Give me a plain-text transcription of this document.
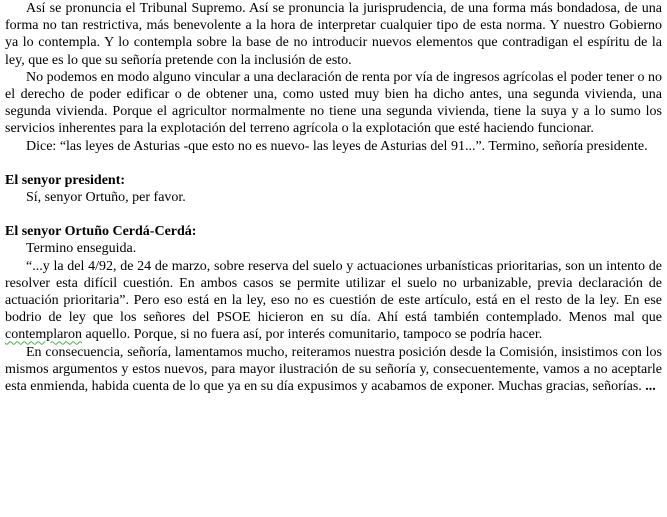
Así se pronuncia el Tribunal Supremo. Así se pronuncia la jurisprudencia, de una forma más bondadosa, de una forma no tan restrictiva, más benevolente a la hora de interpretar cualquier tipo de esta norma. Y nuestro Gobierno ya lo contempla. Y lo contempla sobre la base de no introducir nuevos elementos que contradigan el espíritu de la ley, que es lo que su señoría pretende con la inclusión de esto.

No podemos en modo alguno vincular a una declaración de renta por vía de ingresos agrícolas el poder tener o no el derecho de poder edificar o de obtener una, como usted muy bien ha dicho antes, una segunda vivienda, una segunda vivienda. Porque el agricultor normalmente no tiene una segunda vivienda, tiene la suya y a lo sumo los servicios inherentes para la explotación del terreno agrícola o la explotación que esté haciendo funcionar.

Dice: “las leyes de Asturias -que esto no es nuevo- las leyes de Asturias del 91...”. Termino, señoría presidente.

El senyor president:

Sí, senyor Ortuño, per favor.

El senyor Ortuño Cerdá-Cerdá:

Termino enseguida.

“...y la del 4/92, de 24 de marzo, sobre reserva del suelo y actuaciones urbanísticas prioritarias, son un intento de resolver esta difícil cuestión. En ambos casos se permite utilizar el suelo no urbanizable, previa declaración de actuación prioritaria”. Pero eso está en la ley, eso no es cuestión de este artículo, está en el resto de la ley. En ese bodrio de ley que los señores del PSOE hicieron en su día. Ahí está también contemplado. Menos mal que contemplaron aquello. Porque, si no fuera así, por interés comunitario, tampoco se podría hacer.

En consecuencia, señoría, lamentamos mucho, reiteramos nuestra posición desde la Comisión, insistimos con los mismos argumentos y estos nuevos, para mayor ilustración de su señoría y, consecuentemente, vamos a no aceptarle esta enmienda, habida cuenta de lo que ya en su día expusimos y acabamos de exponer. Muchas gracias, señorías. ...
